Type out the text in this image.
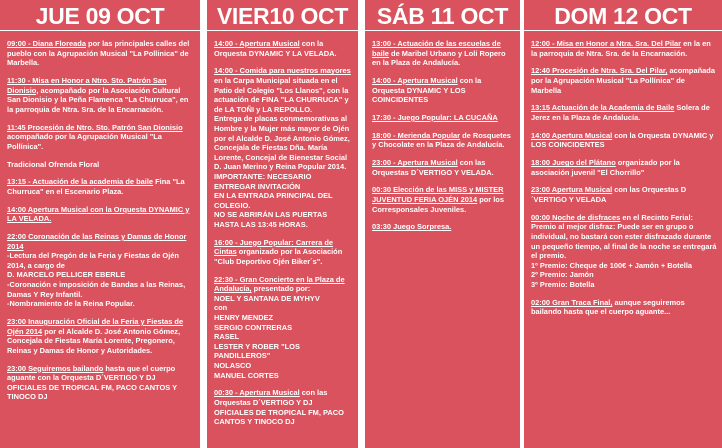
JUE 09 OCT
09:00 - Diana Floreada por las principales calles del pueblo con la Agrupación Musical "La Pollinica" de Marbella.
11:30 - Misa en Honor a Ntro. Sto. Patrón San Dionisio, acompañado por la Asociación Cultural San Dionisio y la Peña Flamenca "La Churruca", en la parroquia de Ntra. Sra. de la Encarnación.
11:45 Procesión de Ntro. Sto. Patrón San Dionisio acompañado por la Agrupación Musical "La Pollínica".
Tradicional Ofrenda Floral
13:15 - Actuación de la academia de baile Fina "La Churruca" en el Escenario Plaza.
14:00 Apertura Musical con la Orquesta DYNAMIC y LA VELADA.
22:00 Coronación de las Reinas y Damas de Honor 2014
-Lectura del Pregón de la Feria y Fiestas de Ojén 2014, a cargo de
D. MARCELO PELLICER EBERLE
-Coronación e imposición de Bandas a las Reinas, Damas Y Rey Infantil.
-Nombramiento de la Reina Popular.
23:00 Inauguración Oficial de la Feria y Fiestas de Ojén 2014 por el Alcalde D. José Antonio Gómez, Concejala de Fiestas María Lorente, Pregonero, Reinas y Damas de Honor y Autoridades.
23:00 Seguiremos bailando hasta que el cuerpo aguante con la Orquesta D´VERTIGO Y DJ OFICIALES DE TROPICAL FM, PACO CANTOS Y TINOCO DJ
VIER10 OCT
14:00 - Apertura Musical con la Orquesta DYNAMIC Y LA VELADA.
14:00 - Comida para nuestros mayores en la Carpa Municipal situada en el Patio del Colegio "Los Llanos", con la actuación de FINA "LA CHURRUCA" y de LA TOÑI y LA REPOLLO.
Entrega de placas conmemorativas al Hombre y la Mujer más mayor de Ojén por el Alcalde D. José Antonio Gómez, Concejala de Fiestas Dña. María Lorente, Concejal de Bienestar Social D. Juan Merino y Reina Popular 2014.
IMPORTANTE: NECESARIO ENTREGAR INVITACIÓN
EN LA ENTRADA PRINCIPAL DEL COLEGIO.
NO SE ABRIRÁN LAS PUERTAS HASTA LAS 13:45 HORAS.
16:00 - Juego Popular: Carrera de Cintas organizado por la Asociación "Club Deportivo Ojén Biker´s".
22:30 - Gran Concierto en la Plaza de Andalucía, presentado por:
NOEL Y SANTANA DE MYHYV
con
HENRY MENDEZ
SERGIO CONTRERAS
RASEL
LESTER Y ROBER "LOS PANDILLEROS"
NOLASCO
MANUEL CORTES
00:30 - Apertura Musical con las Orquestas D´VERTIGO Y DJ OFICIALES DE TROPICAL FM, PACO CANTOS Y TINOCO DJ
SÁB 11 OCT
13:00 - Actuación de las escuelas de baile de Maribel Urbano y Loli Ropero en la Plaza de Andalucía.
14:00 - Apertura Musical con la Orquesta DYNAMIC Y LOS COINCIDENTES
17:30 - Juego Popular: LA CUCAÑA
18:00 - Merienda Popular de Rosquetes y Chocolate en la Plaza de Andalucía.
23:00 - Apertura Musical con las Orquestas D´VERTIGO Y VELADA.
00:30 Elección de las MISS y MISTER JUVENTUD FERIA OJÉN 2014 por los Corresponsales Juveniles.
03:30 Juego Sorpresa.
DOM 12 OCT
12:00 - Misa en Honor a Ntra. Sra. Del Pilar en la en la parroquia de Ntra. Sra. de la Encarnación.
12:40 Procesión de Ntra. Sra. Del Pilar, acompañada por la Agrupación Musical "La Pollínica" de Marbella
13:15 Actuación de la Academia de Baile Solera de Jerez en la Plaza de Andalucía.
14:00 Apertura Musical con la Orquesta DYNAMIC y LOS COINCIDENTES
18:00 Juego del Plátano organizado por la asociación juvenil "El Chorrillo"
23:00 Apertura Musical con las Orquestas D´VERTIGO Y VELADA
00:00 Noche de disfraces en el Recinto Ferial:
Premio al mejor disfraz: Puede ser en grupo o individual, no bastará con ester disfrazado durante un pequeño tiempo, al final de la noche se entregará el premio.
1º Premio: Cheque de 100€ + Jamón + Botella
2º Premio: Jamón
3º Premio: Botella
02:00 Gran Traca Final, aunque seguiremos bailando hasta que el cuerpo aguante...
